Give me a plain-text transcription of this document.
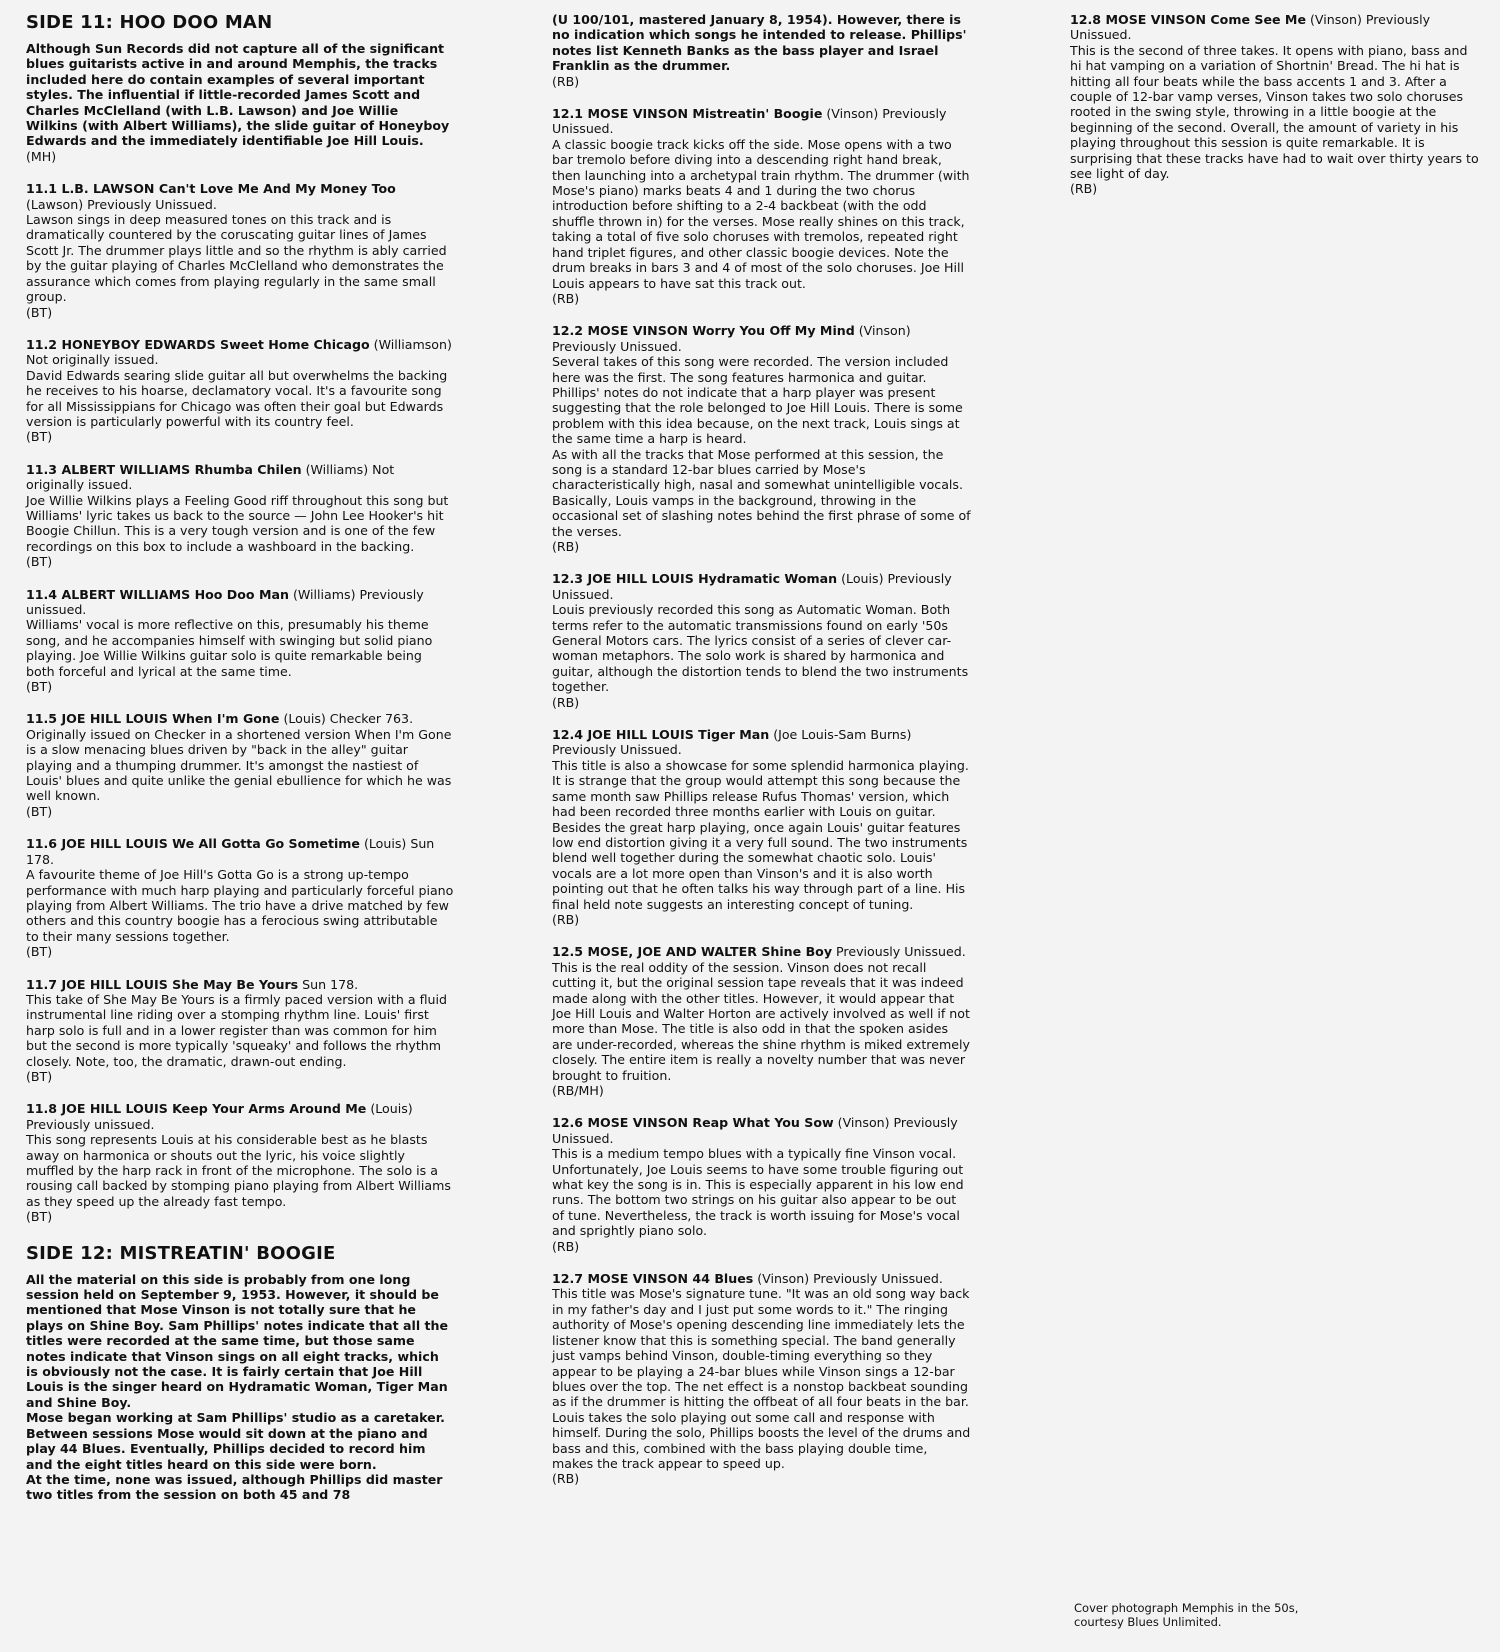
SIDE 11: HOO DOO MAN

Although Sun Records did not capture all of the significant blues guitarists active in and around Memphis, the tracks included here do contain examples of several important styles. The influential if little-recorded James Scott and Charles McClelland (with L.B. Lawson) and Joe Willie Wilkins (with Albert Williams), the slide guitar of Honeyboy Edwards and the immediately identifiable Joe Hill Louis.

(MH)

11.1 L.B. LAWSON Can't Love Me And My Money Too (Lawson) Previously Unissued.

Lawson sings in deep measured tones on this track and is dramatically countered by the coruscating guitar lines of James Scott Jr. The drummer plays little and so the rhythm is ably carried by the guitar playing of Charles McClelland who demonstrates the assurance which comes from playing regularly in the same small group.

(BT)

11.2 HONEYBOY EDWARDS Sweet Home Chicago (Williamson) Not originally issued.

David Edwards searing slide guitar all but overwhelms the backing he receives to his hoarse, declamatory vocal. It's a favourite song for all Mississippians for Chicago was often their goal but Edwards version is particularly powerful with its country feel.

(BT)

11.3 ALBERT WILLIAMS Rhumba Chilen (Williams) Not originally issued.

Joe Willie Wilkins plays a Feeling Good riff throughout this song but Williams' lyric takes us back to the source — John Lee Hooker's hit Boogie Chillun. This is a very tough version and is one of the few recordings on this box to include a washboard in the backing.

(BT)

11.4 ALBERT WILLIAMS Hoo Doo Man (Williams) Previously unissued.

Williams' vocal is more reflective on this, presumably his theme song, and he accompanies himself with swinging but solid piano playing. Joe Willie Wilkins guitar solo is quite remarkable being both forceful and lyrical at the same time.

(BT)

11.5 JOE HILL LOUIS When I'm Gone (Louis) Checker 763.

Originally issued on Checker in a shortened version When I'm Gone is a slow menacing blues driven by "back in the alley" guitar playing and a thumping drummer. It's amongst the nastiest of Louis' blues and quite unlike the genial ebullience for which he was well known.

(BT)

11.6 JOE HILL LOUIS We All Gotta Go Sometime (Louis) Sun 178.

A favourite theme of Joe Hill's Gotta Go is a strong up-tempo performance with much harp playing and particularly forceful piano playing from Albert Williams. The trio have a drive matched by few others and this country boogie has a ferocious swing attributable to their many sessions together.

(BT)

11.7 JOE HILL LOUIS She May Be Yours Sun 178.

This take of She May Be Yours is a firmly paced version with a fluid instrumental line riding over a stomping rhythm line. Louis' first harp solo is full and in a lower register than was common for him but the second is more typically 'squeaky' and follows the rhythm closely. Note, too, the dramatic, drawn-out ending.

(BT)

11.8 JOE HILL LOUIS Keep Your Arms Around Me (Louis) Previously unissued.

This song represents Louis at his considerable best as he blasts away on harmonica or shouts out the lyric, his voice slightly muffled by the harp rack in front of the microphone. The solo is a rousing call backed by stomping piano playing from Albert Williams as they speed up the already fast tempo.

(BT)

SIDE 12: MISTREATIN' BOOGIE

All the material on this side is probably from one long session held on September 9, 1953. However, it should be mentioned that Mose Vinson is not totally sure that he plays on Shine Boy. Sam Phillips' notes indicate that all the titles were recorded at the same time, but those same notes indicate that Vinson sings on all eight tracks, which is obviously not the case. It is fairly certain that Joe Hill Louis is the singer heard on Hydramatic Woman, Tiger Man and Shine Boy.

Mose began working at Sam Phillips' studio as a caretaker. Between sessions Mose would sit down at the piano and play 44 Blues. Eventually, Phillips decided to record him and the eight titles heard on this side were born.

At the time, none was issued, although Phillips did master two titles from the session on both 45 and 78

(U 100/101, mastered January 8, 1954). However, there is no indication which songs he intended to release. Phillips' notes list Kenneth Banks as the bass player and Israel Franklin as the drummer.

(RB)

12.1 MOSE VINSON Mistreatin' Boogie (Vinson) Previously Unissued.

A classic boogie track kicks off the side. Mose opens with a two bar tremolo before diving into a descending right hand break, then launching into a archetypal train rhythm. The drummer (with Mose's piano) marks beats 4 and 1 during the two chorus introduction before shifting to a 2-4 backbeat (with the odd shuffle thrown in) for the verses. Mose really shines on this track, taking a total of five solo choruses with tremolos, repeated right hand triplet figures, and other classic boogie devices. Note the drum breaks in bars 3 and 4 of most of the solo choruses. Joe Hill Louis appears to have sat this track out.

(RB)

12.2 MOSE VINSON Worry You Off My Mind (Vinson) Previously Unissued.

Several takes of this song were recorded. The version included here was the first. The song features harmonica and guitar. Phillips' notes do not indicate that a harp player was present suggesting that the role belonged to Joe Hill Louis. There is some problem with this idea because, on the next track, Louis sings at the same time a harp is heard.

As with all the tracks that Mose performed at this session, the song is a standard 12-bar blues carried by Mose's characteristically high, nasal and somewhat unintelligible vocals. Basically, Louis vamps in the background, throwing in the occasional set of slashing notes behind the first phrase of some of the verses.

(RB)

12.3 JOE HILL LOUIS Hydramatic Woman (Louis) Previously Unissued.

Louis previously recorded this song as Automatic Woman. Both terms refer to the automatic transmissions found on early '50s General Motors cars. The lyrics consist of a series of clever car-woman metaphors. The solo work is shared by harmonica and guitar, although the distortion tends to blend the two instruments together.

(RB)

12.4 JOE HILL LOUIS Tiger Man (Joe Louis-Sam Burns) Previously Unissued.

This title is also a showcase for some splendid harmonica playing. It is strange that the group would attempt this song because the same month saw Phillips release Rufus Thomas' version, which had been recorded three months earlier with Louis on guitar.

Besides the great harp playing, once again Louis' guitar features low end distortion giving it a very full sound. The two instruments blend well together during the somewhat chaotic solo. Louis' vocals are a lot more open than Vinson's and it is also worth pointing out that he often talks his way through part of a line. His final held note suggests an interesting concept of tuning.

(RB)

12.5 MOSE, JOE AND WALTER Shine Boy Previously Unissued.

This is the real oddity of the session. Vinson does not recall cutting it, but the original session tape reveals that it was indeed made along with the other titles. However, it would appear that Joe Hill Louis and Walter Horton are actively involved as well if not more than Mose. The title is also odd in that the spoken asides are under-recorded, whereas the shine rhythm is miked extremely closely. The entire item is really a novelty number that was never brought to fruition.

(RB/MH)

12.6 MOSE VINSON Reap What You Sow (Vinson) Previously Unissued.

This is a medium tempo blues with a typically fine Vinson vocal. Unfortunately, Joe Louis seems to have some trouble figuring out what key the song is in. This is especially apparent in his low end runs. The bottom two strings on his guitar also appear to be out of tune. Nevertheless, the track is worth issuing for Mose's vocal and sprightly piano solo.

(RB)

12.7 MOSE VINSON 44 Blues (Vinson) Previously Unissued.

This title was Mose's signature tune. "It was an old song way back in my father's day and I just put some words to it." The ringing authority of Mose's opening descending line immediately lets the listener know that this is something special. The band generally just vamps behind Vinson, double-timing everything so they appear to be playing a 24-bar blues while Vinson sings a 12-bar blues over the top. The net effect is a nonstop backbeat sounding as if the drummer is hitting the offbeat of all four beats in the bar. Louis takes the solo playing out some call and response with himself. During the solo, Phillips boosts the level of the drums and bass and this, combined with the bass playing double time, makes the track appear to speed up.

(RB)

12.8 MOSE VINSON Come See Me (Vinson) Previously Unissued.

This is the second of three takes. It opens with piano, bass and hi hat vamping on a variation of Shortnin' Bread. The hi hat is hitting all four beats while the bass accents 1 and 3. After a couple of 12-bar vamp verses, Vinson takes two solo choruses rooted in the swing style, throwing in a little boogie at the beginning of the second. Overall, the amount of variety in his playing throughout this session is quite remarkable. It is surprising that these tracks have had to wait over thirty years to see light of day.

(RB)

Cover photograph Memphis in the 50s,
courtesy Blues Unlimited.
